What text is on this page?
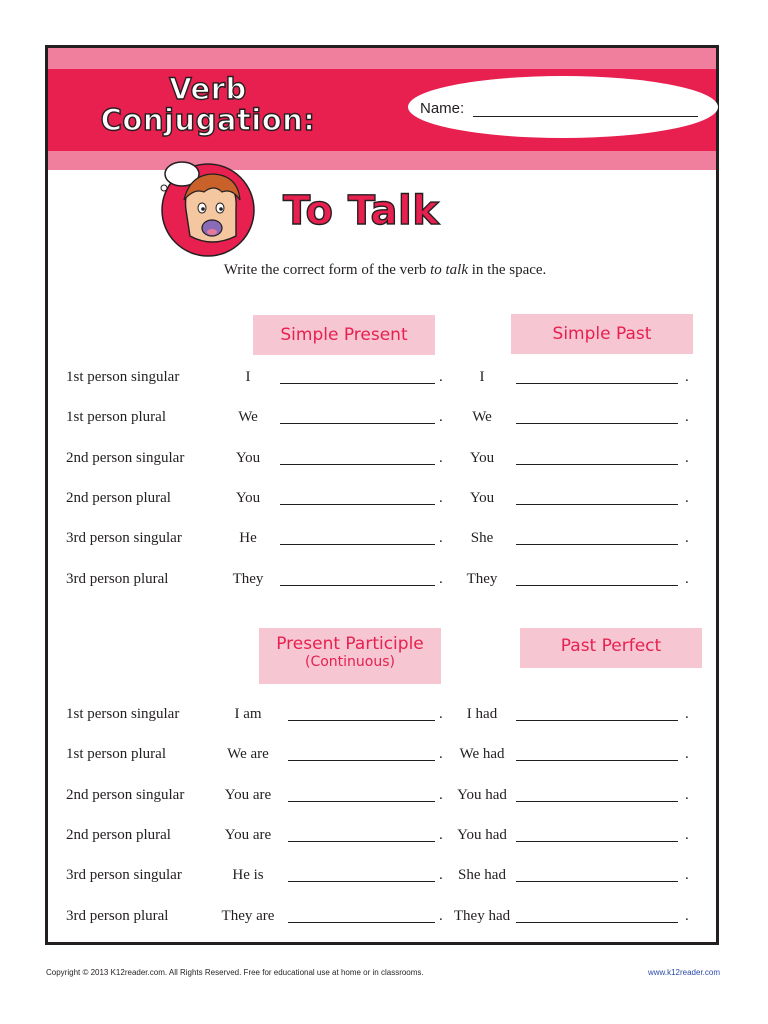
Verb
Conjugation:	Name:
To Talk
Write the correct form of the verb to talk in the space.
Simple Present	Simple Past
1st person singular	I	.	I	.
1st person plural	We	.	We	.
2nd person singular	You	.	You	.
2nd person plural	You	.	You	.
3rd person singular	He	.	She	.
3rd person plural	They	.	They	.
Present Participle
(Continuous)
Past Perfect
1st person singular	I am	.	I had	.
1st person plural	We are	.	We had	.
2nd person singular	You are	. You had	.
2nd person plural	You are	. You had	.
3rd person singular	He is	.	She had	.
3rd person plural	They are	. They had	.
Copyright © 2013 K12reader.com. All Rights Reserved. Free for educational use at home or in classrooms.	www.k12reader.com
